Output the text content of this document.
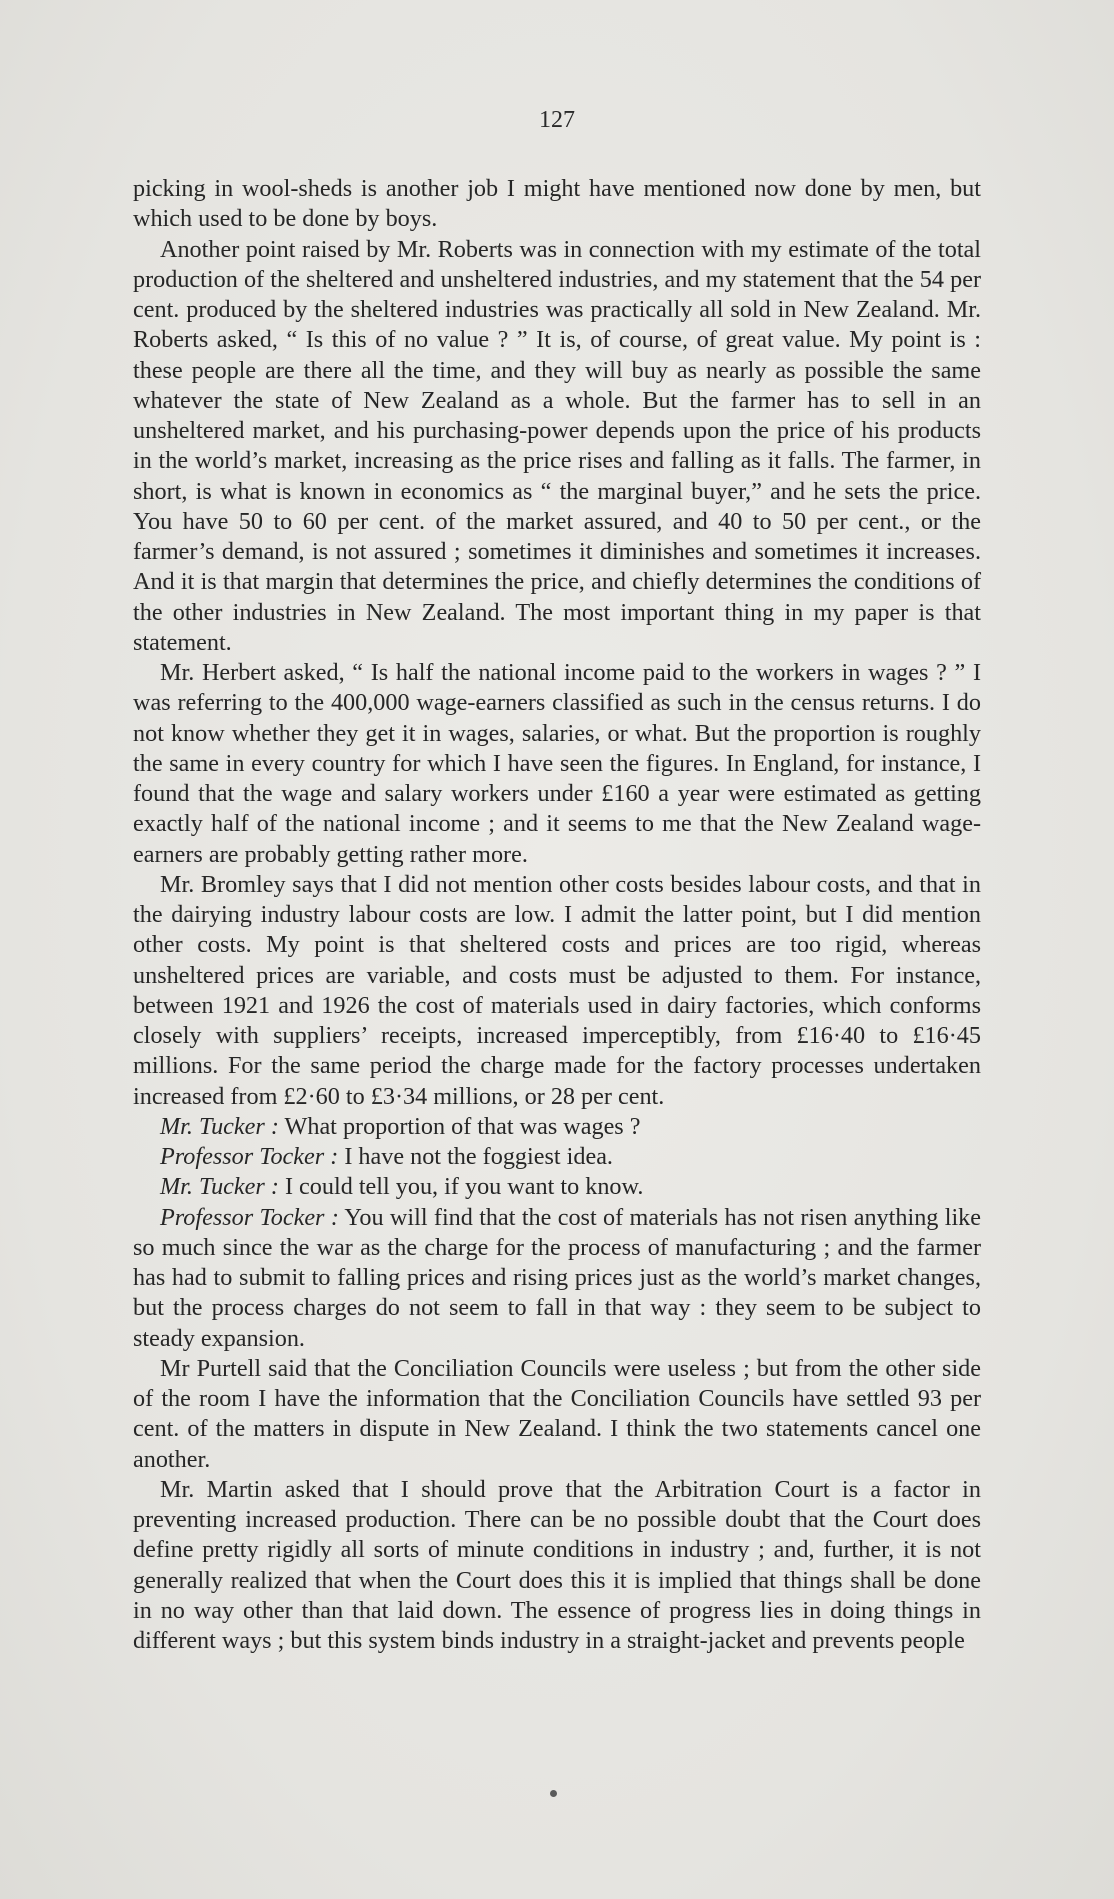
127

picking in wool-sheds is another job I might have mentioned now done by men, but which used to be done by boys.

Another point raised by Mr. Roberts was in connection with my estimate of the total production of the sheltered and unsheltered industries, and my statement that the 54 per cent. produced by the sheltered industries was practically all sold in New Zealand. Mr. Roberts asked, “ Is this of no value ? ” It is, of course, of great value. My point is : these people are there all the time, and they will buy as nearly as possible the same whatever the state of New Zealand as a whole. But the farmer has to sell in an unsheltered market, and his purchasing-power depends upon the price of his products in the world’s market, increasing as the price rises and falling as it falls. The farmer, in short, is what is known in economics as “ the marginal buyer,” and he sets the price. You have 50 to 60 per cent. of the market assured, and 40 to 50 per cent., or the farmer’s demand, is not assured ; sometimes it diminishes and sometimes it increases. And it is that margin that determines the price, and chiefly determines the conditions of the other industries in New Zealand. The most important thing in my paper is that statement.

Mr. Herbert asked, “ Is half the national income paid to the workers in wages ? ” I was referring to the 400,000 wage-earners classified as such in the census returns. I do not know whether they get it in wages, salaries, or what. But the proportion is roughly the same in every country for which I have seen the figures. In England, for instance, I found that the wage and salary workers under £160 a year were estimated as getting exactly half of the national income ; and it seems to me that the New Zealand wage-earners are probably getting rather more.

Mr. Bromley says that I did not mention other costs besides labour costs, and that in the dairying industry labour costs are low. I admit the latter point, but I did mention other costs. My point is that sheltered costs and prices are too rigid, whereas unsheltered prices are variable, and costs must be adjusted to them. For instance, between 1921 and 1926 the cost of materials used in dairy factories, which conforms closely with suppliers’ receipts, increased imperceptibly, from £16·40 to £16·45 millions. For the same period the charge made for the factory processes undertaken increased from £2·60 to £3·34 millions, or 28 per cent.

Mr. Tucker : What proportion of that was wages ?

Professor Tocker : I have not the foggiest idea.

Mr. Tucker : I could tell you, if you want to know.

Professor Tocker : You will find that the cost of materials has not risen anything like so much since the war as the charge for the process of manufacturing ; and the farmer has had to submit to falling prices and rising prices just as the world’s market changes, but the process charges do not seem to fall in that way : they seem to be subject to steady expansion.

Mr Purtell said that the Conciliation Councils were useless ; but from the other side of the room I have the information that the Conciliation Councils have settled 93 per cent. of the matters in dispute in New Zealand. I think the two statements cancel one another.

Mr. Martin asked that I should prove that the Arbitration Court is a factor in preventing increased production. There can be no possible doubt that the Court does define pretty rigidly all sorts of minute conditions in industry ; and, further, it is not generally realized that when the Court does this it is implied that things shall be done in no way other than that laid down. The essence of progress lies in doing things in different ways ; but this system binds industry in a straight-jacket and prevents people
